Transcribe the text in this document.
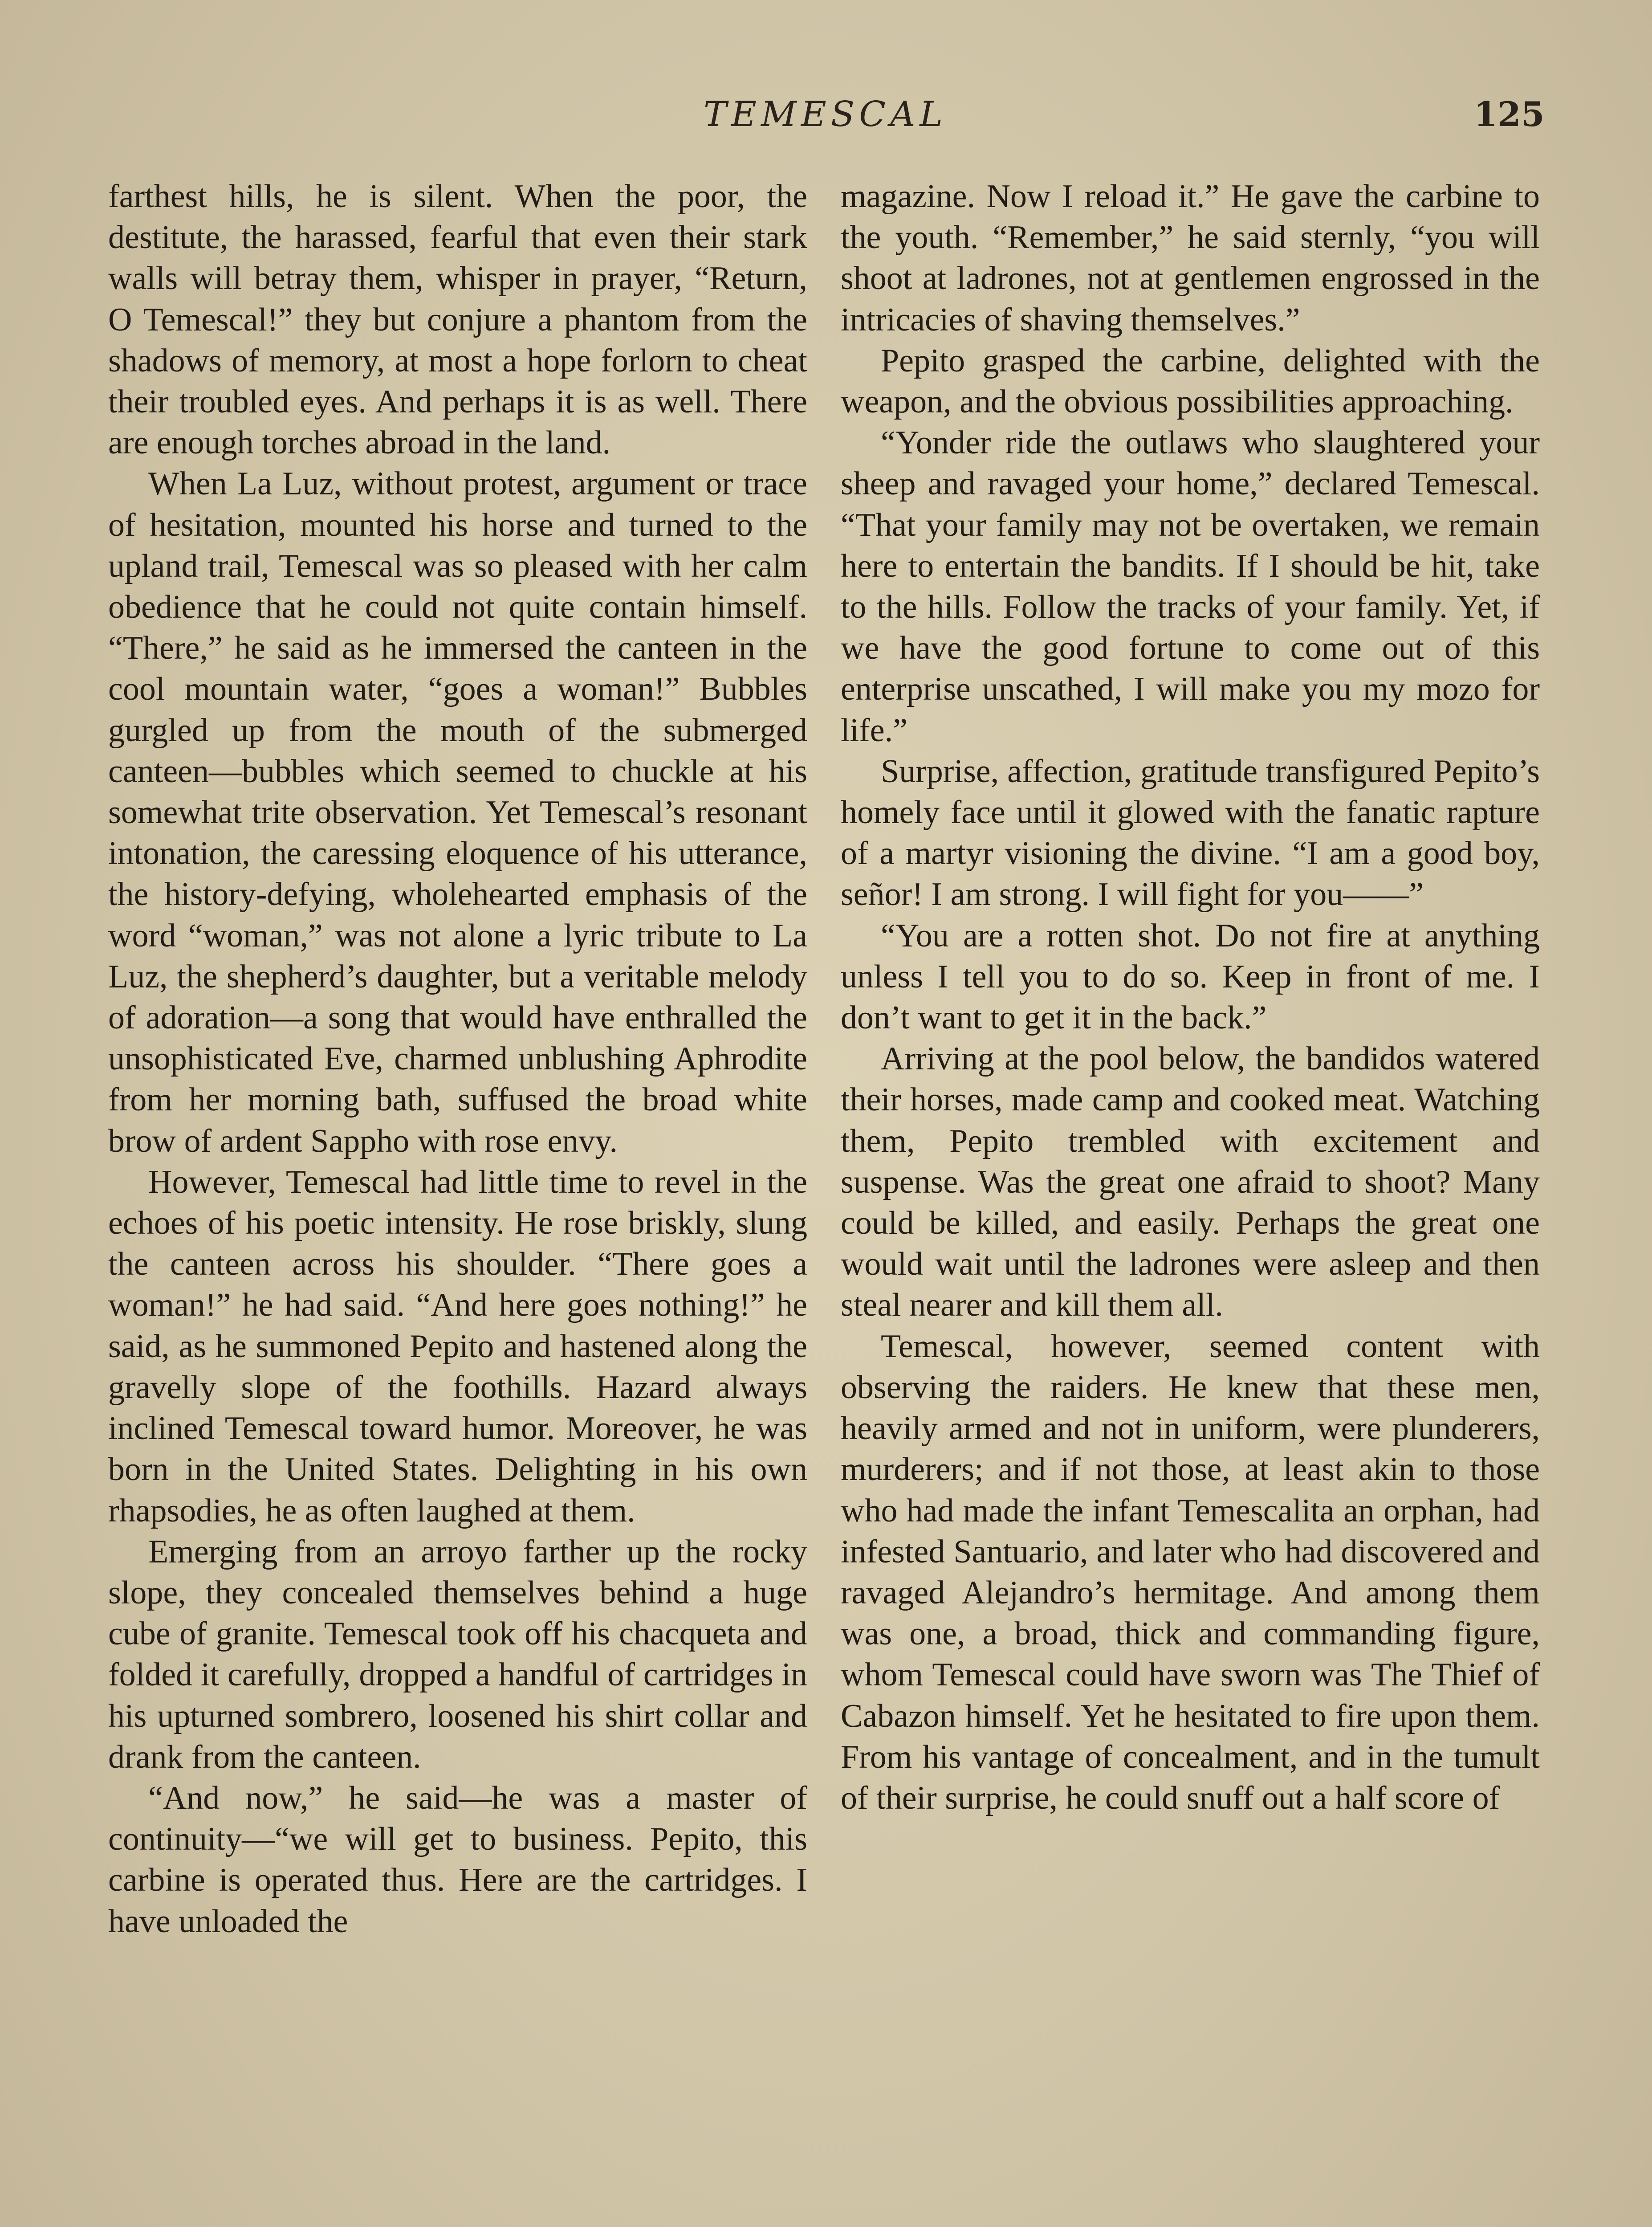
TEMESCAL	125

farthest hills, he is silent. When the poor, the destitute, the harassed, fearful that even their stark walls will betray them, whisper in prayer, “Return, O Temescal!” they but conjure a phantom from the shadows of memory, at most a hope forlorn to cheat their troubled eyes. And perhaps it is as well. There are enough torches abroad in the land.

When La Luz, without protest, argument or trace of hesitation, mounted his horse and turned to the upland trail, Temescal was so pleased with her calm obedience that he could not quite contain himself. “There,” he said as he immersed the canteen in the cool mountain water, “goes a woman!” Bubbles gurgled up from the mouth of the submerged canteen—bubbles which seemed to chuckle at his somewhat trite observation. Yet Temescal’s resonant intonation, the caressing eloquence of his utterance, the history-defying, wholehearted emphasis of the word “woman,” was not alone a lyric tribute to La Luz, the shepherd’s daughter, but a veritable melody of adoration—a song that would have enthralled the unsophisticated Eve, charmed unblushing Aphrodite from her morning bath, suffused the broad white brow of ardent Sappho with rose envy.

However, Temescal had little time to revel in the echoes of his poetic intensity. He rose briskly, slung the canteen across his shoulder. “There goes a woman!” he had said. “And here goes nothing!” he said, as he summoned Pepito and hastened along the gravelly slope of the foothills. Hazard always inclined Temescal toward humor. Moreover, he was born in the United States. Delighting in his own rhapsodies, he as often laughed at them.

Emerging from an arroyo farther up the rocky slope, they concealed themselves behind a huge cube of granite. Temescal took off his chacqueta and folded it carefully, dropped a handful of cartridges in his upturned sombrero, loosened his shirt collar and drank from the canteen.

“And now,” he said—he was a master of continuity—“we will get to business. Pepito, this carbine is operated thus. Here are the cartridges. I have unloaded the

magazine. Now I reload it.” He gave the carbine to the youth. “Remember,” he said sternly, “you will shoot at ladrones, not at gentlemen engrossed in the intricacies of shaving themselves.”

Pepito grasped the carbine, delighted with the weapon, and the obvious possibilities approaching.

“Yonder ride the outlaws who slaughtered your sheep and ravaged your home,” declared Temescal. “That your family may not be overtaken, we remain here to entertain the bandits. If I should be hit, take to the hills. Follow the tracks of your family. Yet, if we have the good fortune to come out of this enterprise unscathed, I will make you my mozo for life.”

Surprise, affection, gratitude transfigured Pepito’s homely face until it glowed with the fanatic rapture of a martyr visioning the divine. “I am a good boy, señor! I am strong. I will fight for you——”

“You are a rotten shot. Do not fire at anything unless I tell you to do so. Keep in front of me. I don’t want to get it in the back.”

Arriving at the pool below, the bandidos watered their horses, made camp and cooked meat. Watching them, Pepito trembled with excitement and suspense. Was the great one afraid to shoot? Many could be killed, and easily. Perhaps the great one would wait until the ladrones were asleep and then steal nearer and kill them all.

Temescal, however, seemed content with observing the raiders. He knew that these men, heavily armed and not in uniform, were plunderers, murderers; and if not those, at least akin to those who had made the infant Temescalita an orphan, had infested Santuario, and later who had discovered and ravaged Alejandro’s hermitage. And among them was one, a broad, thick and commanding figure, whom Temescal could have sworn was The Thief of Cabazon himself. Yet he hesitated to fire upon them. From his vantage of concealment, and in the tumult of their surprise, he could snuff out a half score of
